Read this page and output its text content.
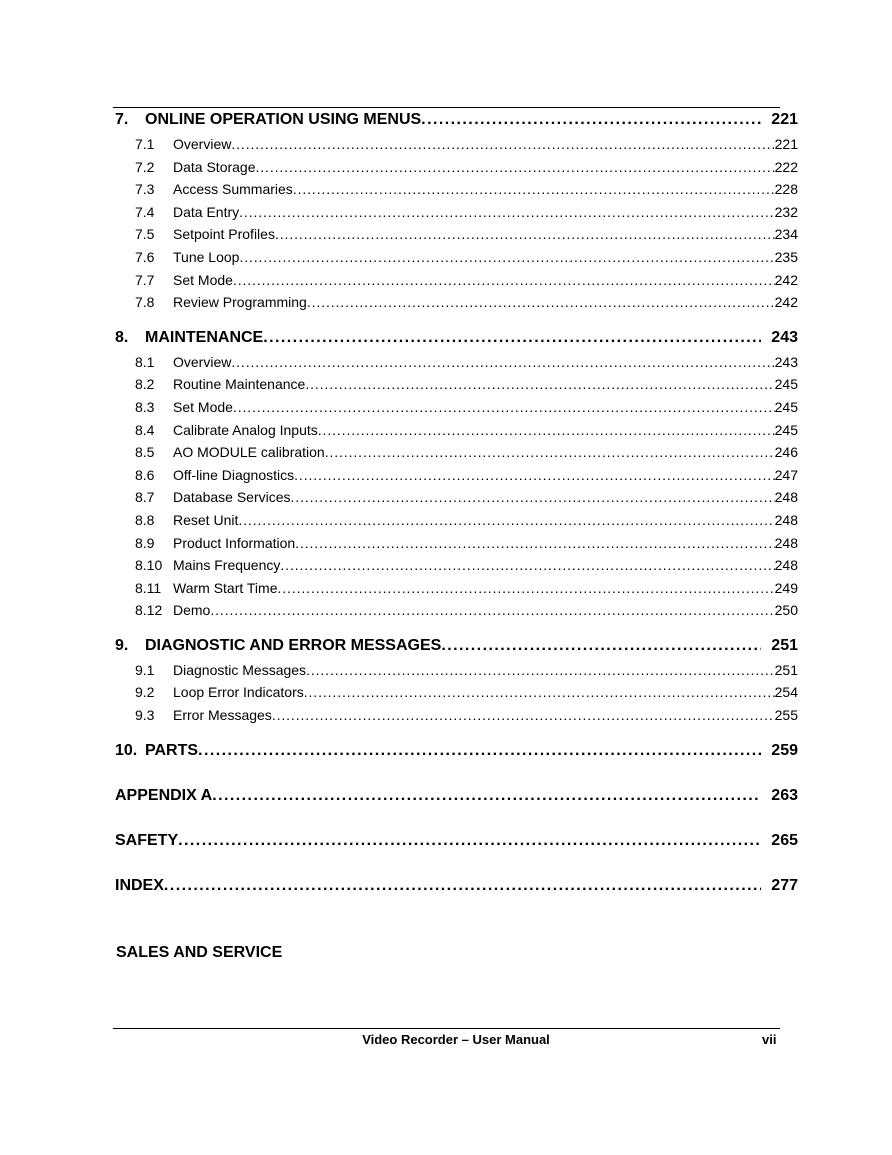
7.	ONLINE OPERATION USING MENUS . . .	221
7.1	Overview . . .	221
7.2	Data Storage . . .	222
7.3	Access Summaries . . .	228
7.4	Data Entry . . .	232
7.5	Setpoint Profiles . . .	234
7.6	Tune Loop . . .	235
7.7	Set Mode . . .	242
7.8	Review Programming . . .	242
8.	MAINTENANCE . . .	243
8.1	Overview . . .	243
8.2	Routine Maintenance . . .	245
8.3	Set Mode . . .	245
8.4	Calibrate Analog Inputs . . .	245
8.5	AO MODULE calibration . . .	246
8.6	Off-line Diagnostics . . .	247
8.7	Database Services . . .	248
8.8	Reset Unit . . .	248
8.9	Product Information . . .	248
8.10 Mains Frequency . . .	248
8.11 Warm Start Time . . .	249
8.12 Demo . . .	250
9.	DIAGNOSTIC AND ERROR MESSAGES . . .	251
9.1	Diagnostic Messages . . .	251
9.2	Loop Error Indicators . . .	254
9.3	Error Messages . . .	255
10. PARTS . . .	259
APPENDIX A . . .	263
SAFETY . . .	265
INDEX . . .	277
SALES AND SERVICE
Video Recorder – User Manual	vii
